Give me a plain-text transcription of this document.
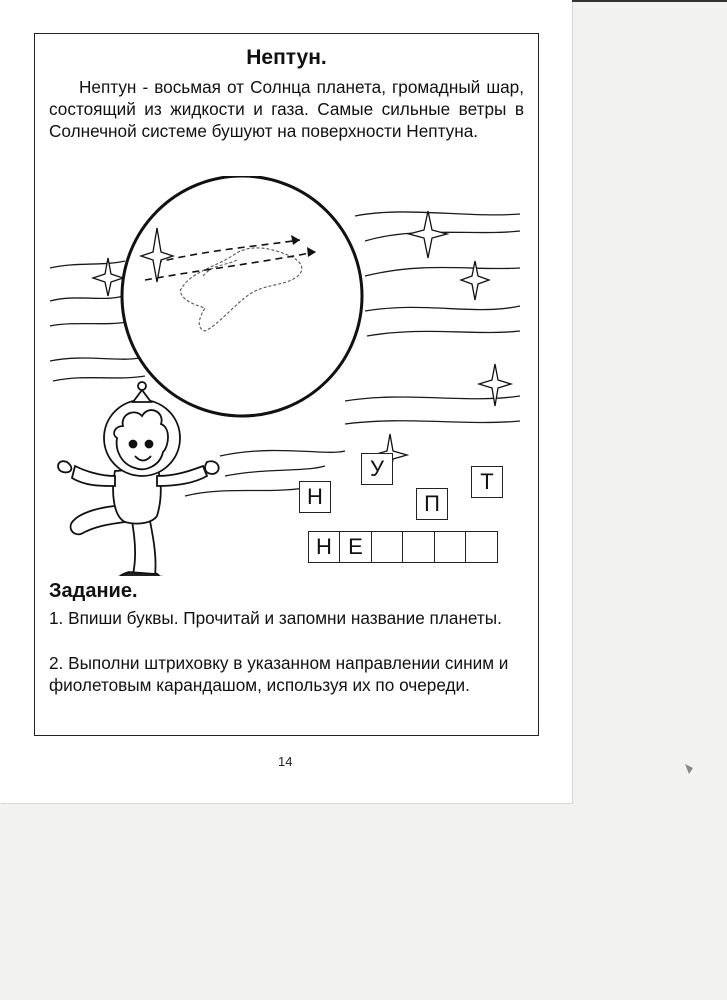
Нептун.

Нептун - восьмая от Солнца планета, громадный шар, состоящий из жидкости и газа. Самые сильные ветры в Солнечной системе бушуют на поверхности Нептуна.

Н
У
П
Т
Н Е
Задание.

1. Впиши буквы. Прочитай и запомни название планеты.

2. Выполни штриховку в указанном направлении синим и фиолетовым карандашом, используя их по очереди.

14
